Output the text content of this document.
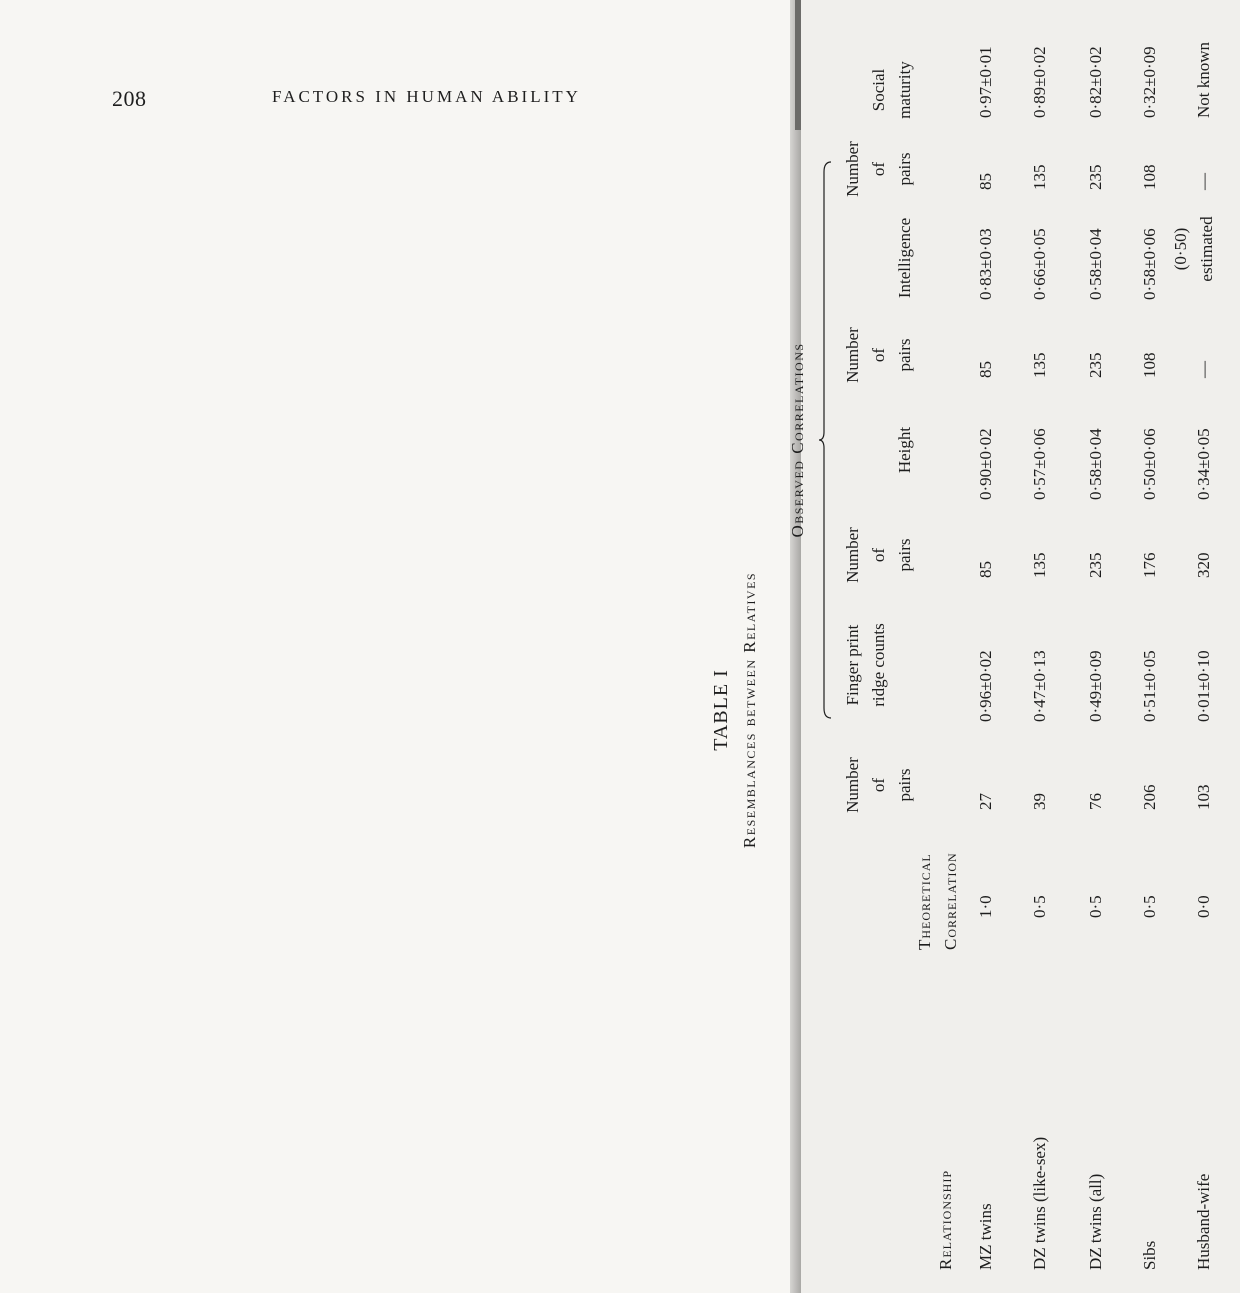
208	FACTORS IN HUMAN ABILITY
TABLE I Resemblances between Relatives
Observed Correlations
Relationship
Theoretical Correlation
Number of pairs
Finger print ridge counts
Number of pairs
Height
Number of pairs
Intelligence
Number of pairs
Social maturity
MZ twins
1·0
27
0·96±0·02
85
0·90±0·02
85
0·83±0·03
85
0·97±0·01
DZ twins (like-sex)
0·5
39
0·47±0·13
135
0·57±0·06
135
0·66±0·05
135
0·89±0·02
DZ twins (all)
0·5
76
0·49±0·09
235
0·58±0·04
235
0·58±0·04
235
0·82±0·02
Sibs
0·5
206
0·51±0·05
176
0·50±0·06
108
0·58±0·06
108
0·32±0·09
Husband-wife
0·0
103
0·01±0·10
320
0·34±0·05
—
(0·50) estimated
—
Not known
